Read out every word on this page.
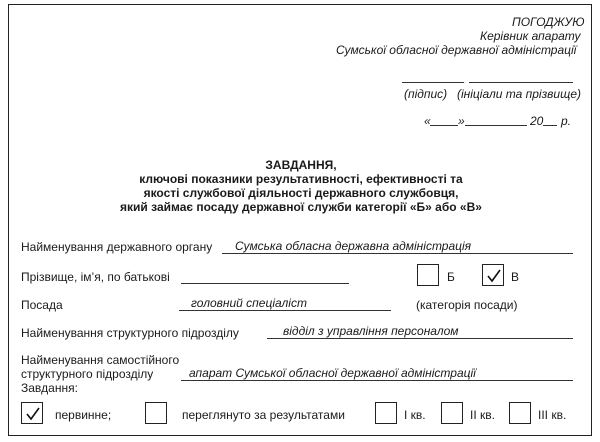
ПОГОДЖУЮ
Керівник апарату
Сумської обласної державної адміністрації
(підпис) (ініціали та прізвище)
« »	20 р.
ЗАВДАННЯ,
ключові показники результативності, ефективності та
якості службової діяльності державного службовця,
який займає посаду державної служби категорії «Б» або «В»
Найменування державного органу Сумська обласна державна адміністрація
Прізвище, ім’я, по батькові	Б	В
Посада	головний спеціаліст	(категорія посади)
Найменування структурного підрозділу	відділ з управління персоналом
Найменування самостійного
структурного підрозділу	апарат Сумської обласної державної адміністрації
Завдання:
первинне;	переглянуто за результатами	І кв.	ІІ кв.	ІІІ кв.
